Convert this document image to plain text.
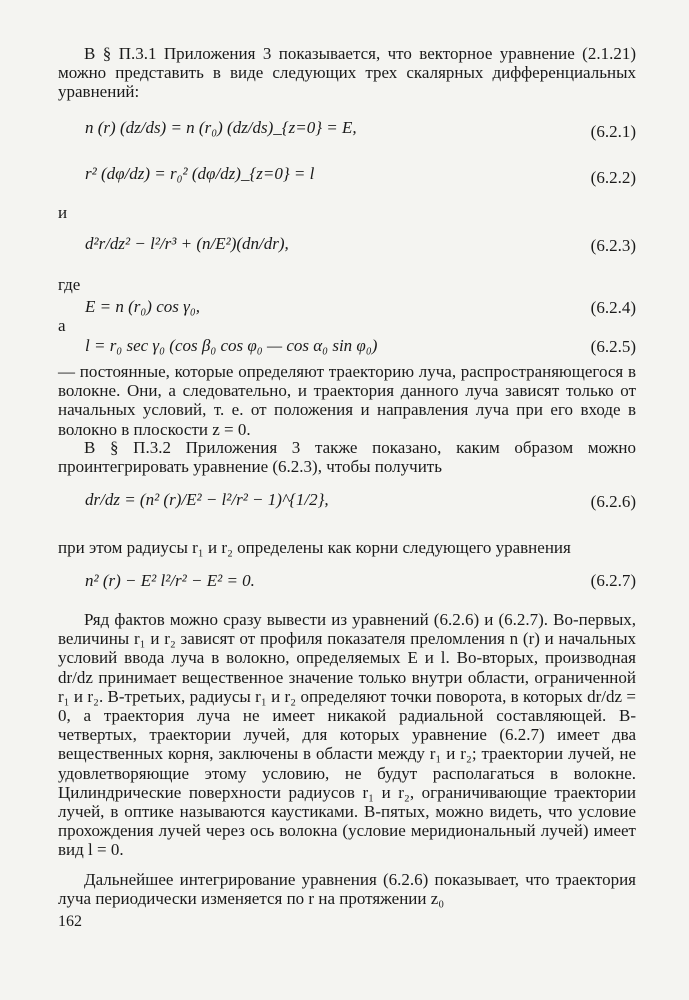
В § П.3.1 Приложения 3 показывается, что векторное уравнение (2.1.21) можно представить в виде следующих трех скалярных дифференциальных уравнений:
n (r) (dz/ds) = n (r₀) (dz/ds)_{z=0} = E,	(6.2.1)
r² (dφ/dz) = r₀² (dφ/dz)_{z=0} = l	(6.2.2)
и
d²r/dz² − l²/r³ + (n/E²)(dn/dr),	(6.2.3)
где
E = n (r₀) cos γ₀,	(6.2.4)
а
l = r₀ sec γ₀ (cos β₀ cos φ₀ — cos α₀ sin φ₀)	(6.2.5)
— постоянные, которые определяют траекторию луча, распространяющегося в волокне. Они, а следовательно, и траектория данного луча зависят только от начальных условий, т. е. от положения и направления луча при его входе в волокно в плоскости z = 0.
В § П.3.2 Приложения 3 также показано, каким образом можно проинтегрировать уравнение (6.2.3), чтобы получить
dr/dz = (n² (r)/E² − l²/r² − 1)^{1/2},	(6.2.6)
при этом радиусы r₁ и r₂ определены как корни следующего уравнения
n² (r) − E² l²/r² − E² = 0.	(6.2.7)
Ряд фактов можно сразу вывести из уравнений (6.2.6) и (6.2.7). Во-первых, величины r₁ и r₂ зависят от профиля показателя преломления n (r) и начальных условий ввода луча в волокно, определяемых E и l. Во-вторых, производная dr/dz принимает вещественное значение только внутри области, ограниченной r₁ и r₂. В-третьих, радиусы r₁ и r₂ определяют точки поворота, в которых dr/dz = 0, а траектория луча не имеет никакой радиальной составляющей. В-четвертых, траектории лучей, для которых уравнение (6.2.7) имеет два вещественных корня, заключены в области между r₁ и r₂; траектории лучей, не удовлетворяющие этому условию, не будут располагаться в волокне. Цилиндрические поверхности радиусов r₁ и r₂, ограничивающие траектории лучей, в оптике называются каустиками. В-пятых, можно видеть, что условие прохождения лучей через ось волокна (условие меридиональный лучей) имеет вид l = 0.
Дальнейшее интегрирование уравнения (6.2.6) показывает, что траектория луча периодически изменяется по r на протяжении z₀
162
